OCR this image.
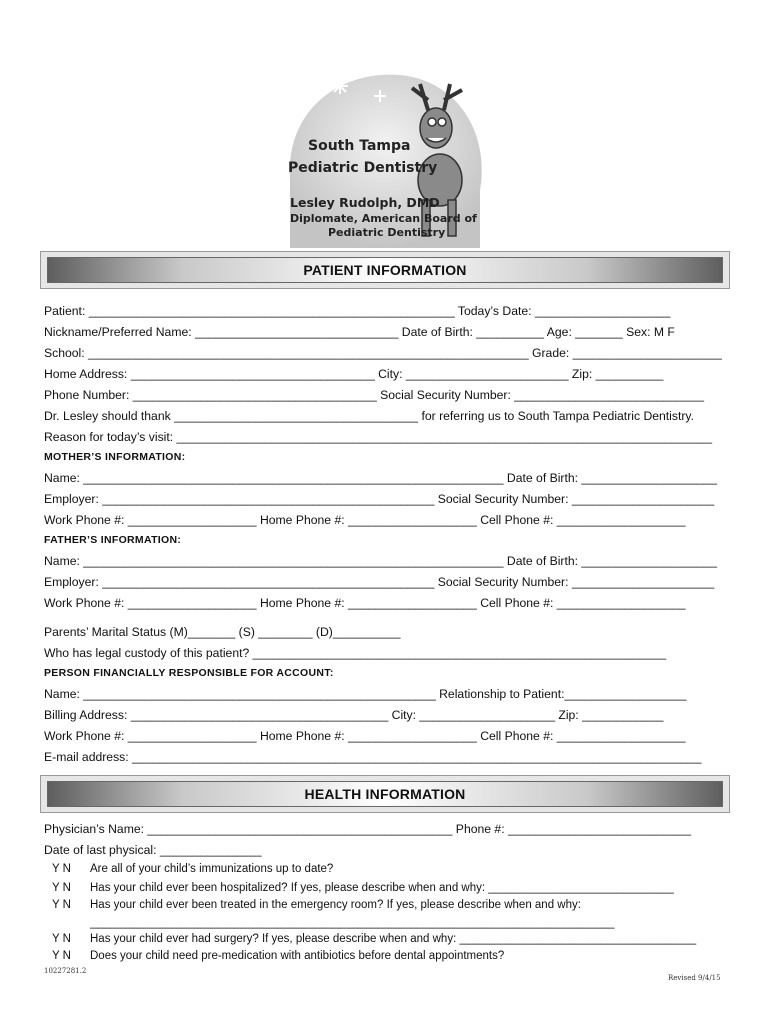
South Tampa
Pediatric Dentistry
Lesley Rudolph, DMD
Diplomate, American Board of
Pediatric Dentistry
PATIENT INFORMATION
Patient: ______________________________________________________ Today’s Date: ____________________
Nickname/Preferred Name: ______________________________ Date of Birth: __________ Age: _______ Sex: M F
School: _________________________________________________________________ Grade: ______________________
Home Address: ____________________________________ City: ________________________ Zip: __________
Phone Number: ____________________________________ Social Security Number: ____________________________
Dr. Lesley should thank ____________________________________ for referring us to South Tampa Pediatric Dentistry.
Reason for today’s visit: _______________________________________________________________________________
MOTHER’S INFORMATION:
Name: ______________________________________________________________ Date of Birth: ____________________
Employer: _________________________________________________ Social Security Number: _____________________
Work Phone #: ___________________ Home Phone #: ___________________ Cell Phone #: ___________________
FATHER’S INFORMATION:
Name: ______________________________________________________________ Date of Birth: ____________________
Employer: _________________________________________________ Social Security Number: _____________________
Work Phone #: ___________________ Home Phone #: ___________________ Cell Phone #: ___________________
Parents’ Marital Status (M)_______ (S) ________ (D)__________
Who has legal custody of this patient? _____________________________________________________________
PERSON FINANCIALLY RESPONSIBLE FOR ACCOUNT:
Name: ____________________________________________________ Relationship to Patient:__________________
Billing Address: ______________________________________ City: ____________________ Zip: ____________
Work Phone #: ___________________ Home Phone #: ___________________ Cell Phone #: ___________________
E-mail address: ____________________________________________________________________________________
HEALTH INFORMATION
Physician’s Name: _____________________________________________ Phone #: ___________________________
Date of last physical: _______________
Y N Are all of your child’s immunizations up to date?
Y N Has your child ever been hospitalized? If yes, please describe when and why: _____________________________
Y N Has your child ever been treated in the emergency room? If yes, please describe when and why:
__________________________________________________________________________________
Y N Has your child ever had surgery? If yes, please describe when and why: _____________________________________
Y N Does your child need pre-medication with antibiotics before dental appointments?
10227281.2
Revised 9/4/15
